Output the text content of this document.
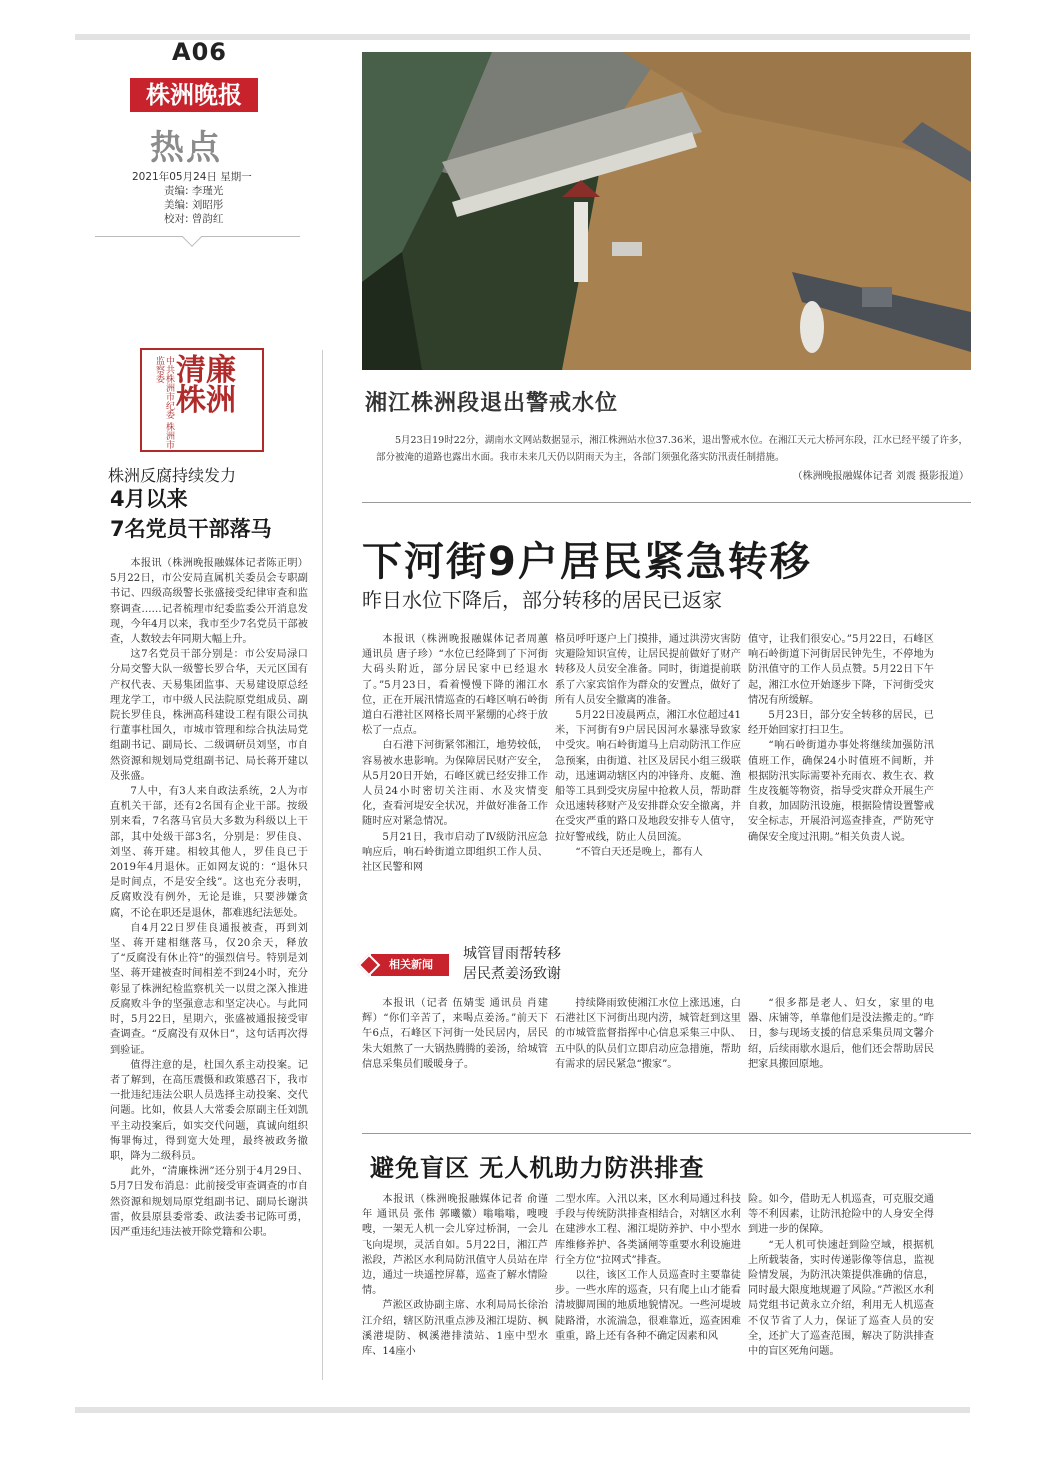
A06
株洲晚报
热点
2021年05月24日 星期一
责编: 李瑾光
美编: 刘昭彤
校对: 曾韵红
湘江株洲段退出警戒水位
5月23日19时22分，湖南水文网站数据显示，湘江株洲站水位37.36米，退出警戒水位。在湘江天元大桥河东段，江水已经平缓了许多，部分被淹的道路也露出水面。我市未来几天仍以阴雨天为主，各部门须强化落实防汛责任制措施。
（株洲晚报融媒体记者 刘震 摄影报道）
中共株洲市纪委 株洲市监察委 清廉株洲
株洲反腐持续发力
4月以来
7名党员干部落马

本报讯（株洲晚报融媒体记者陈正明）5月22日，市公安局直属机关委员会专职副书记、四级高级警长张盛接受纪律审查和监察调查……记者梳理市纪委监委公开消息发现，今年4月以来，我市至少7名党员干部被查，人数较去年同期大幅上升。

这7名党员干部分别是：市公安局渌口分局交警大队一级警长罗合华，天元区国有产权代表、天易集团监事、天易建设原总经理龙学工，市中级人民法院原党组成员、副院长罗佳良，株洲高科建设工程有限公司执行董事杜国久，市城市管理和综合执法局党组副书记、副局长、二级调研员刘坚，市自然资源和规划局党组副书记、局长蒋开建以及张盛。

7人中，有3人来自政法系统，2人为市直机关干部，还有2名国有企业干部。按级别来看，7名落马官员大多数为科级以上干部，其中处级干部3名，分别是：罗佳良、刘坚、蒋开建。相较其他人，罗佳良已于2019年4月退休。正如网友说的：“退休只是时间点，不是安全线”。这也充分表明，反腐败没有例外，无论是谁，只要涉嫌贪腐，不论在职还是退休，都难逃纪法惩处。

自4月22日罗佳良通报被查，再到刘坚、蒋开建相继落马，仅20余天，释放了“反腐没有休止符”的强烈信号。特别是刘坚、蒋开建被查时间相差不到24小时，充分彰显了株洲纪检监察机关一以贯之深入推进反腐败斗争的坚强意志和坚定决心。与此同时，5月22日，星期六，张盛被通报接受审查调查。“反腐没有双休日”，这句话再次得到验证。

值得注意的是，杜国久系主动投案。记者了解到，在高压震慑和政策感召下，我市一批违纪违法公职人员选择主动投案、交代问题。比如，攸县人大常委会原副主任刘凯平主动投案后，如实交代问题，真诚向组织悔罪悔过，得到宽大处理，最终被政务撤职，降为二级科员。

此外，“清廉株洲”还分别于4月29日、5月7日发布消息：此前接受审查调查的市自然资源和规划局原党组副书记、副局长谢洪雷，攸县原县委常委、政法委书记陈可勇，因严重违纪违法被开除党籍和公职。

下河街9户居民紧急转移
昨日水位下降后，部分转移的居民已返家

本报讯（株洲晚报融媒体记者周蕙 通讯员 唐子珍）“水位已经降到了下河街大码头附近，部分居民家中已经退水了。”5月23日，看着慢慢下降的湘江水位，正在开展汛情巡查的石峰区响石岭街道白石港社区网格长周平紧绷的心终于放松了一点点。

白石港下河街紧邻湘江，地势较低，容易被水患影响。为保障居民财产安全，从5月20日开始，石峰区就已经安排工作人员24小时密切关注雨、水及灾情变化，查看河堤安全状况，并做好准备工作随时应对紧急情况。

5月21日，我市启动了Ⅳ级防汛应急响应后，响石岭街道立即组织工作人员、社区民警和网

格员呼吁逐户上门摸排，通过洪涝灾害防灾避险知识宣传，让居民提前做好了财产转移及人员安全准备。同时，街道提前联系了六家宾馆作为群众的安置点，做好了所有人员安全撤离的准备。

5月22日凌晨两点，湘江水位超过41米，下河街有9户居民因河水暴涨导致家中受灾。响石岭街道马上启动防汛工作应急预案，由街道、社区及居民小组三级联动，迅速调动辖区内的冲锋舟、皮艇、渔船等工具到受灾房屋中抢救人员，帮助群众迅速转移财产及安排群众安全撤离，并在受灾严重的路口及地段安排专人值守，拉好警戒线，防止人员回流。

“不管白天还是晚上，都有人

值守，让我们很安心。”5月22日，石峰区响石岭街道下河街居民钟先生，不停地为防汛值守的工作人员点赞。5月22日下午起，湘江水位开始逐步下降，下河街受灾情况有所缓解。

5月23日，部分安全转移的居民，已经开始回家打扫卫生。

“响石岭街道办事处将继续加强防汛值班工作，确保24小时值班不间断，并根据防汛实际需要补充雨衣、救生衣、救生皮筏艇等物资，指导受灾群众开展生产自救，加固防汛设施，根据险情设置警戒安全标志，开展沿河巡查排查，严防死守确保安全度过汛期。”相关负责人说。

相关新闻
城管冒雨帮转移
居民煮姜汤致谢

本报讯（记者 伍婧雯 通讯员 肖建辉）“你们辛苦了，来喝点姜汤。”前天下午6点，石峰区下河街一处民居内，居民朱大姐熬了一大锅热腾腾的姜汤，给城管信息采集员们暖暖身子。

持续降雨致使湘江水位上涨迅速，白石港社区下河街出现内涝，城管赶到这里的市城管监督指挥中心信息采集三中队、五中队的队员们立即启动应急措施，帮助有需求的居民紧急“搬家”。

“很多都是老人、妇女，家里的电器、床铺等，单靠他们是没法搬走的。”昨日，参与现场支援的信息采集员周文馨介绍，后续雨歇水退后，他们还会帮助居民把家具搬回原地。

避免盲区 无人机助力防洪排查

本报讯（株洲晚报融媒体记者 俞谨年 通讯员 张伟 郭曦徽）嗡嗡嗡，嗖嗖嗖，一架无人机一会儿穿过桥洞，一会儿飞向堤坝，灵活自如。5月22日，湘江芦淞段，芦淞区水利局防汛值守人员站在岸边，通过一块遥控屏幕，巡查了解水情险情。

芦淞区政协副主席、水利局局长徐治江介绍，辖区防汛重点涉及湘江堤防、枫溪港堤防、枫溪港排渍站、1座中型水库、14座小

二型水库。入汛以来，区水利局通过科技手段与传统防洪排查相结合，对辖区水利在建涉水工程、湘江堤防养护、中小型水库维修养护、各类涵闸等重要水利设施进行全方位“拉网式”排查。

以往，该区工作人员巡查时主要靠徒步。一些水库的巡查，只有爬上山才能看清坡脚周围的地质地貌情况。一些河堤坡陡路滑，水流湍急，很难靠近，巡查困难重重，路上还有各种不确定因素和风

险。如今，借助无人机巡查，可克服交通等不利因素，让防汛抢险中的人身安全得到进一步的保障。

“无人机可快速赶到险空域，根据机上所载装备，实时传递影像等信息，监视险情发展，为防汛决策提供准确的信息，同时最大限度地规避了风险。”芦淞区水利局党组书记黄永立介绍，利用无人机巡查不仅节省了人力，保证了巡查人员的安全，还扩大了巡查范围，解决了防洪排查中的盲区死角问题。
